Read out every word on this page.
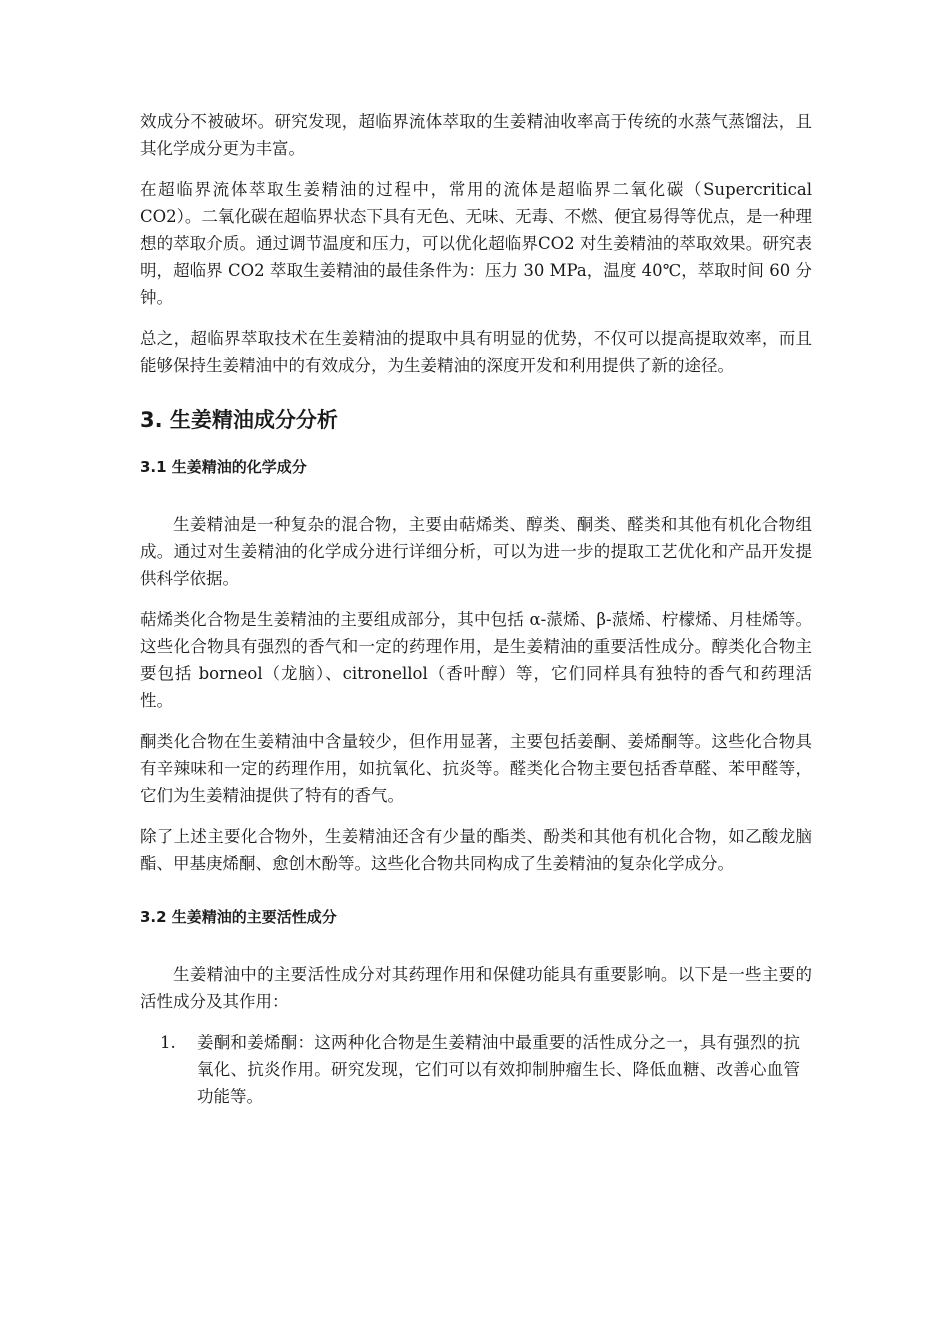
效成分不被破坏。研究发现，超临界流体萃取的生姜精油收率高于传统的水蒸气蒸馏法，且其化学成分更为丰富。

在超临界流体萃取生姜精油的过程中，常用的流体是超临界二氧化碳（Supercritical CO2）。二氧化碳在超临界状态下具有无色、无味、无毒、不燃、便宜易得等优点，是一种理想的萃取介质。通过调节温度和压力，可以优化超临界CO2 对生姜精油的萃取效果。研究表明，超临界 CO2 萃取生姜精油的最佳条件为：压力 30 MPa，温度 40℃，萃取时间 60 分钟。

总之，超临界萃取技术在生姜精油的提取中具有明显的优势，不仅可以提高提取效率，而且能够保持生姜精油中的有效成分，为生姜精油的深度开发和利用提供了新的途径。

3. 生姜精油成分分析
3.1 生姜精油的化学成分

生姜精油是一种复杂的混合物，主要由萜烯类、醇类、酮类、醛类和其他有机化合物组成。通过对生姜精油的化学成分进行详细分析，可以为进一步的提取工艺优化和产品开发提供科学依据。

萜烯类化合物是生姜精油的主要组成部分，其中包括 α-蒎烯、β-蒎烯、柠檬烯、月桂烯等。这些化合物具有强烈的香气和一定的药理作用，是生姜精油的重要活性成分。醇类化合物主要包括 borneol（龙脑）、citronellol（香叶醇）等，它们同样具有独特的香气和药理活性。

酮类化合物在生姜精油中含量较少，但作用显著，主要包括姜酮、姜烯酮等。这些化合物具有辛辣味和一定的药理作用，如抗氧化、抗炎等。醛类化合物主要包括香草醛、苯甲醛等，它们为生姜精油提供了特有的香气。

除了上述主要化合物外，生姜精油还含有少量的酯类、酚类和其他有机化合物，如乙酸龙脑酯、甲基庚烯酮、愈创木酚等。这些化合物共同构成了生姜精油的复杂化学成分。

3.2 生姜精油的主要活性成分

生姜精油中的主要活性成分对其药理作用和保健功能具有重要影响。以下是一些主要的活性成分及其作用：

1.	姜酮和姜烯酮：这两种化合物是生姜精油中最重要的活性成分之一，具有强烈的抗氧化、抗炎作用。研究发现，它们可以有效抑制肿瘤生长、降低血糖、改善心血管功能等。
